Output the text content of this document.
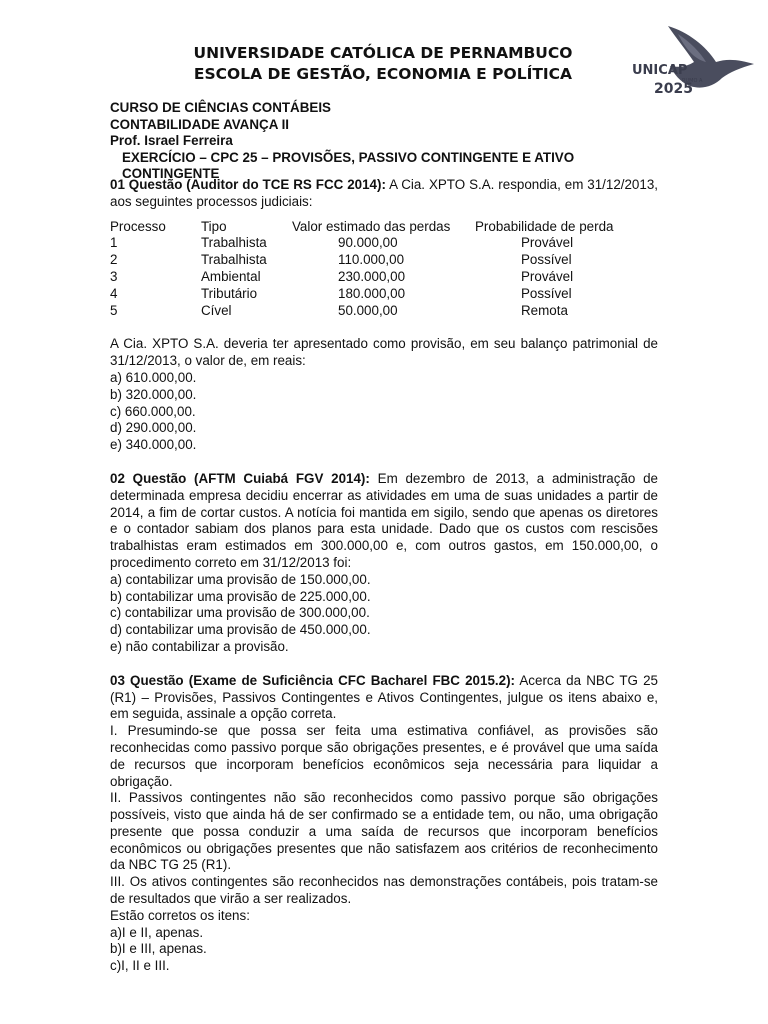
UNIVERSIDADE CATÓLICA DE PERNAMBUCO
ESCOLA DE GESTÃO, ECONOMIA E POLÍTICA	UNICAP
RUMO A
2025
CURSO DE CIÊNCIAS CONTÁBEIS
CONTABILIDADE AVANÇA II
Prof. Israel Ferreira
EXERCÍCIO – CPC 25 – PROVISÕES, PASSIVO CONTINGENTE E ATIVO CONTINGENTE

01 Questão (Auditor do TCE RS FCC 2014): A Cia. XPTO S.A. respondia, em 31/12/2013, aos seguintes processos judiciais:

Processo	Tipo	Valor estimado das perdas	Probabilidade de perda
1	Trabalhista	90.000,00	Provável
2	Trabalhista	110.000,00	Possível
3	Ambiental	230.000,00	Provável
4	Tributário	180.000,00	Possível
5	Cível	50.000,00	Remota

A Cia. XPTO S.A. deveria ter apresentado como provisão, em seu balanço patrimonial de 31/12/2013, o valor de, em reais:

a) 610.000,00.

b) 320.000,00.

c) 660.000,00.

d) 290.000,00.

e) 340.000,00.

02 Questão (AFTM Cuiabá FGV 2014): Em dezembro de 2013, a administração de determinada empresa decidiu encerrar as atividades em uma de suas unidades a partir de 2014, a fim de cortar custos. A notícia foi mantida em sigilo, sendo que apenas os diretores e o contador sabiam dos planos para esta unidade. Dado que os custos com rescisões trabalhistas eram estimados em 300.000,00 e, com outros gastos, em 150.000,00, o procedimento correto em 31/12/2013 foi:

a) contabilizar uma provisão de 150.000,00.

b) contabilizar uma provisão de 225.000,00.

c) contabilizar uma provisão de 300.000,00.

d) contabilizar uma provisão de 450.000,00.

e) não contabilizar a provisão.

03 Questão (Exame de Suficiência CFC Bacharel FBC 2015.2): Acerca da NBC TG 25 (R1) – Provisões, Passivos Contingentes e Ativos Contingentes, julgue os itens abaixo e, em seguida, assinale a opção correta.

I. Presumindo-se que possa ser feita uma estimativa confiável, as provisões são reconhecidas como passivo porque são obrigações presentes, e é provável que uma saída de recursos que incorporam benefícios econômicos seja necessária para liquidar a obrigação.

II. Passivos contingentes não são reconhecidos como passivo porque são obrigações possíveis, visto que ainda há de ser confirmado se a entidade tem, ou não, uma obrigação presente que possa conduzir a uma saída de recursos que incorporam benefícios econômicos ou obrigações presentes que não satisfazem aos critérios de reconhecimento da NBC TG 25 (R1).

III. Os ativos contingentes são reconhecidos nas demonstrações contábeis, pois tratam-se de resultados que virão a ser realizados.

Estão corretos os itens:

a)I e II, apenas.

b)I e III, apenas.

c)I, II e III.
